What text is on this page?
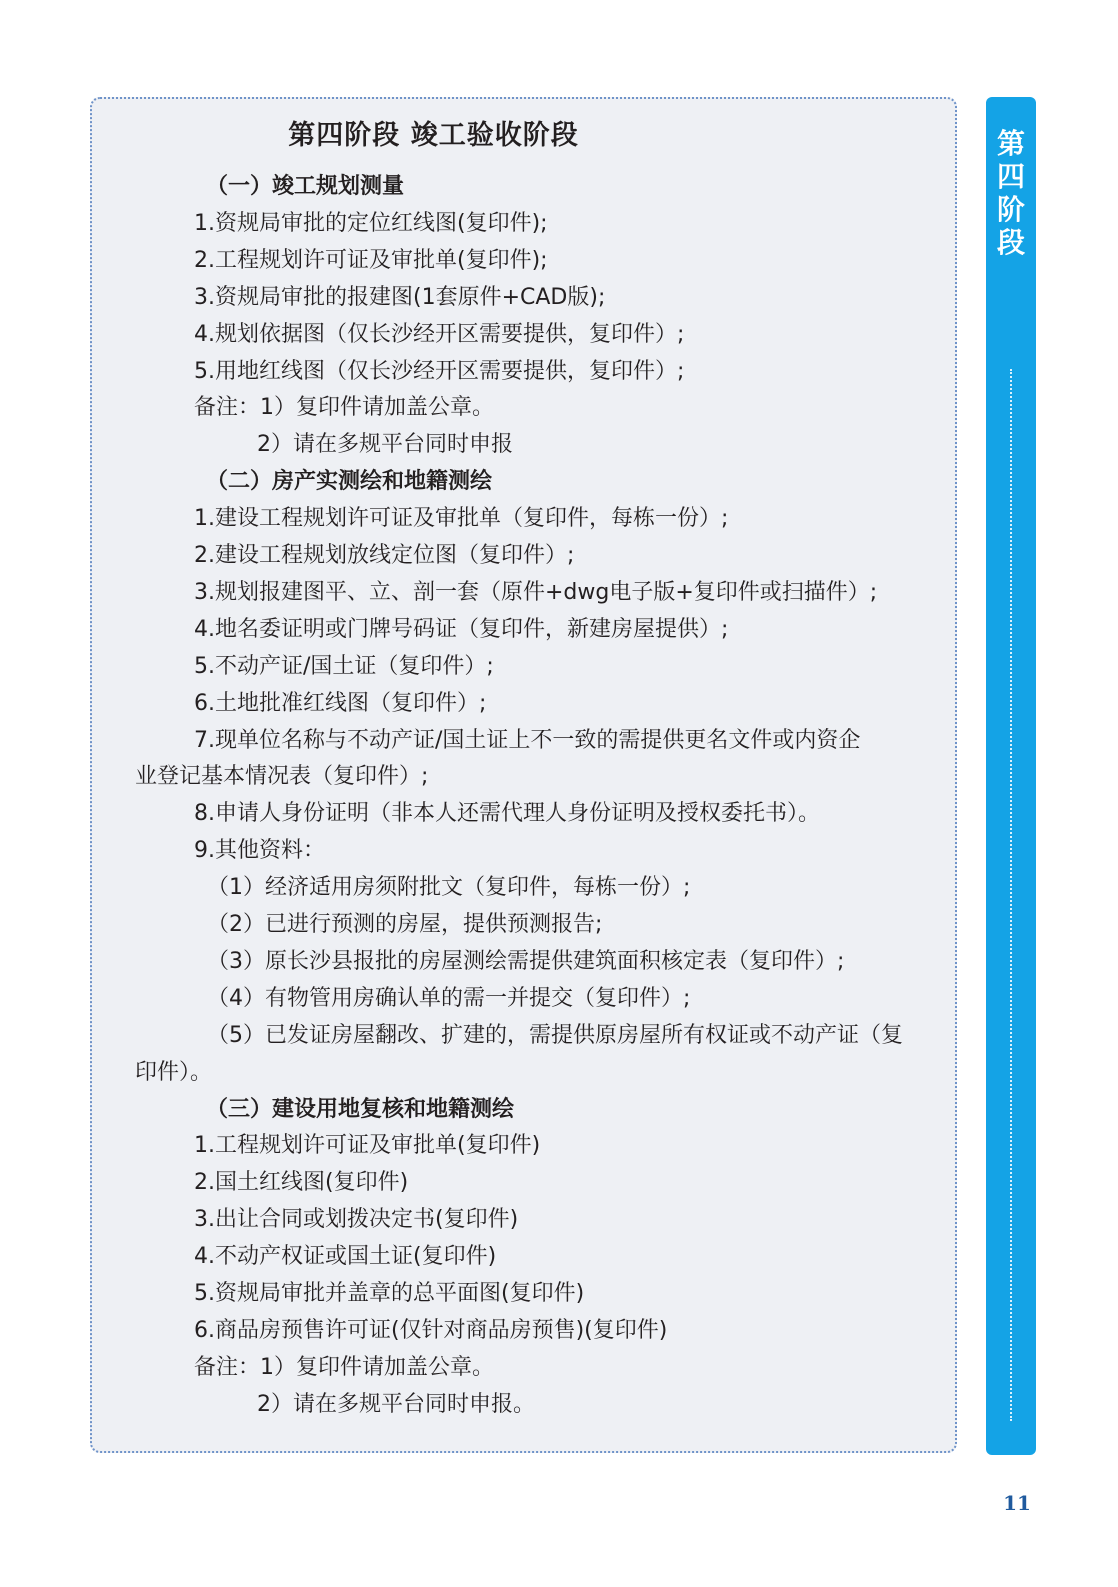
第四阶段 竣工验收阶段
（一）竣工规划测量
1.资规局审批的定位红线图(复印件);
2.工程规划许可证及审批单(复印件);
3.资规局审批的报建图(1套原件+CAD版);
4.规划依据图（仅长沙经开区需要提供，复印件）;
5.用地红线图（仅长沙经开区需要提供，复印件）;
备注：1）复印件请加盖公章。
2）请在多规平台同时申报
（二）房产实测绘和地籍测绘
1.建设工程规划许可证及审批单（复印件，每栋一份）;
2.建设工程规划放线定位图（复印件）;
3.规划报建图平、立、剖一套（原件+dwg电子版+复印件或扫描件）;
4.地名委证明或门牌号码证（复印件，新建房屋提供）;
5.不动产证/国土证（复印件）;
6.土地批准红线图（复印件）;
7.现单位名称与不动产证/国土证上不一致的需提供更名文件或内资企
业登记基本情况表（复印件）;
8.申请人身份证明（非本人还需代理人身份证明及授权委托书）。
9.其他资料：
（1）经济适用房须附批文（复印件，每栋一份）;
（2）已进行预测的房屋，提供预测报告;
（3）原长沙县报批的房屋测绘需提供建筑面积核定表（复印件）;
（4）有物管用房确认单的需一并提交（复印件）;
（5）已发证房屋翻改、扩建的，需提供原房屋所有权证或不动产证（复
印件）。
（三）建设用地复核和地籍测绘
1.工程规划许可证及审批单(复印件)
2.国土红线图(复印件)
3.出让合同或划拨决定书(复印件)
4.不动产权证或国土证(复印件)
5.资规局审批并盖章的总平面图(复印件)
6.商品房预售许可证(仅针对商品房预售)(复印件)
备注：1）复印件请加盖公章。
2）请在多规平台同时申报。
第
四
阶
段
11
